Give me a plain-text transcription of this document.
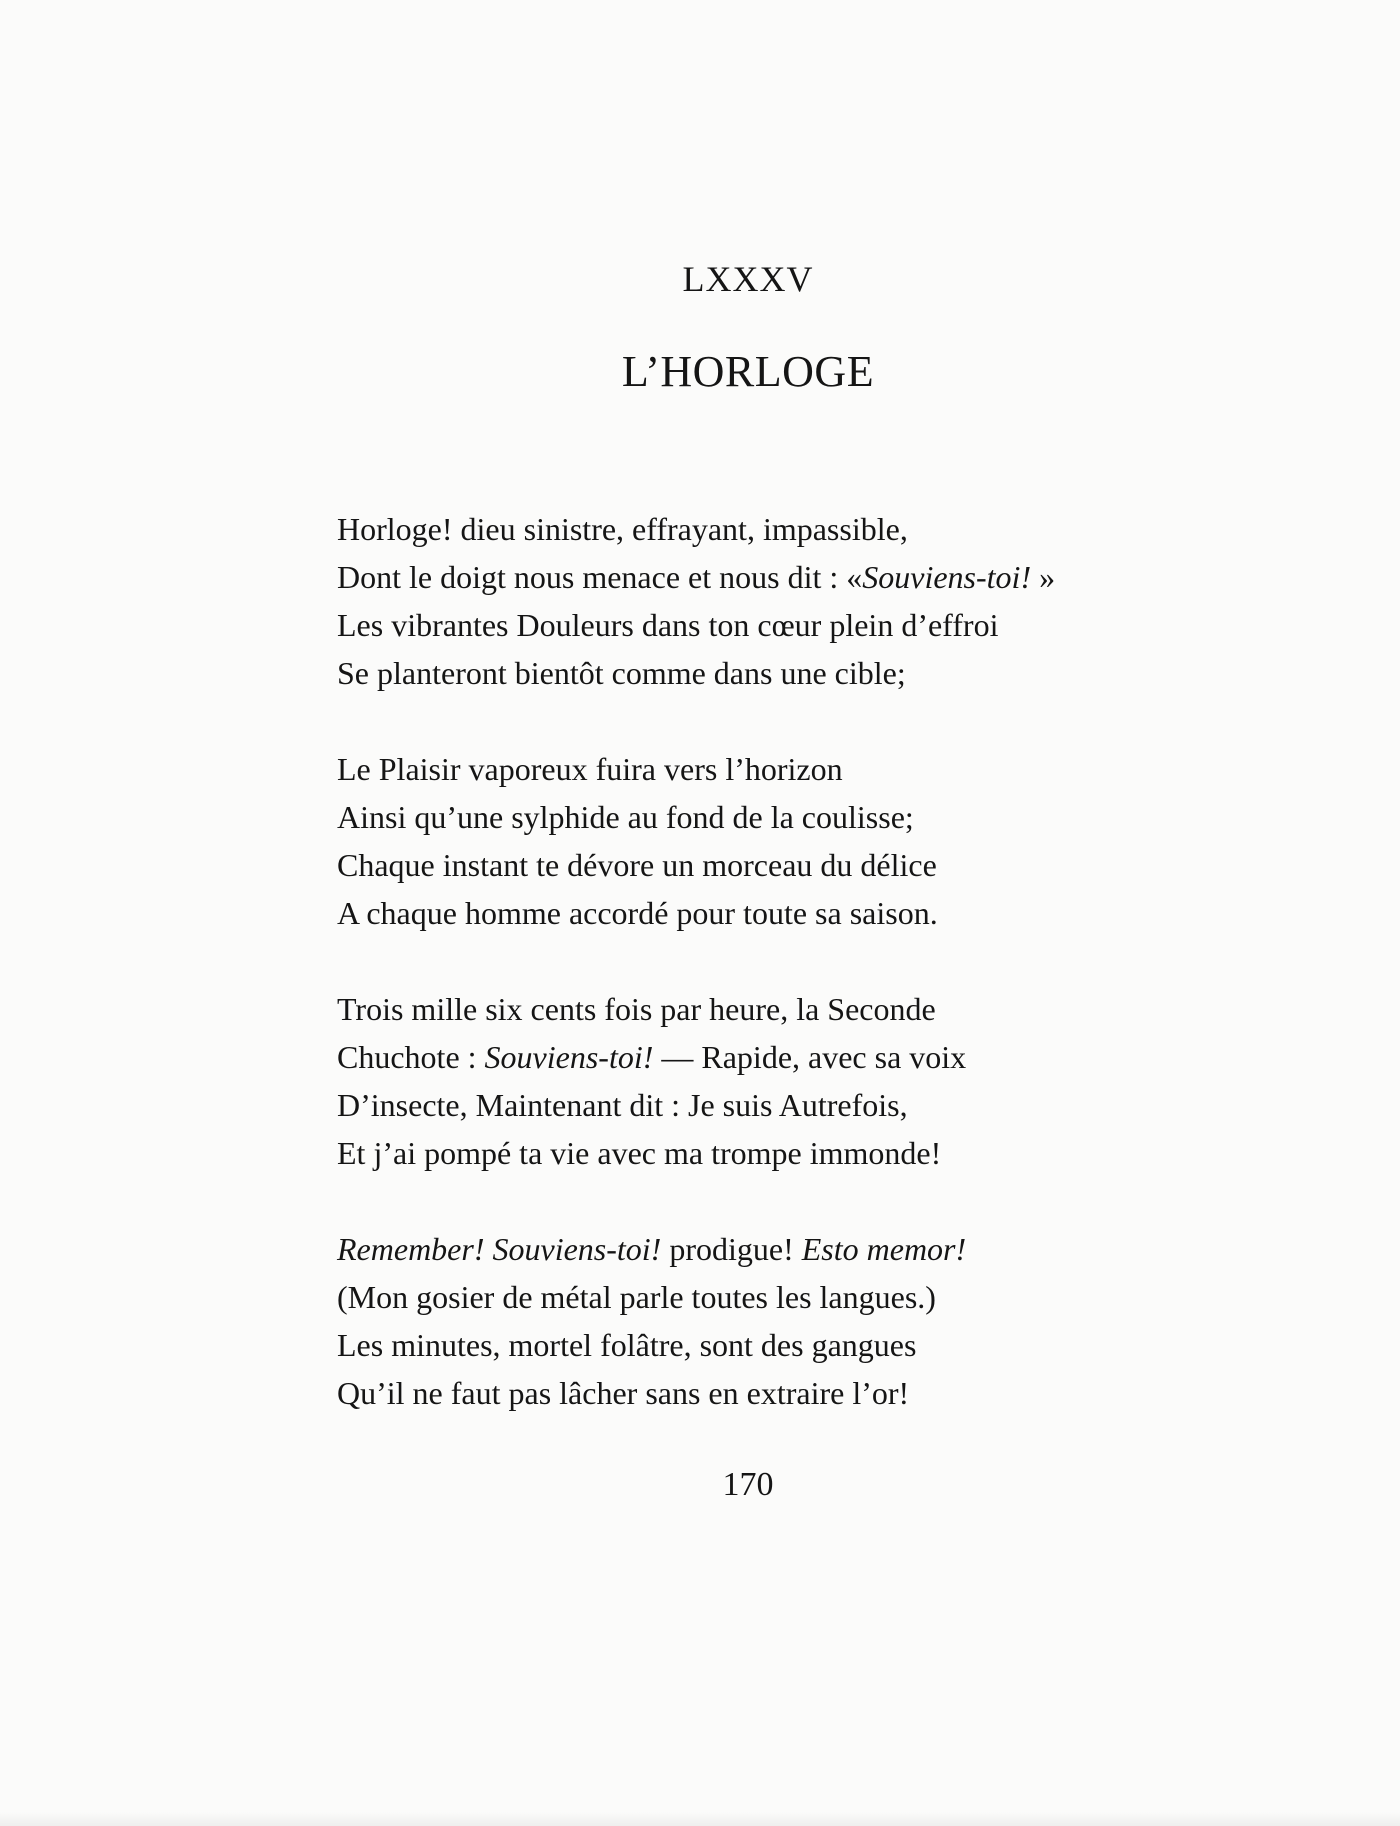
LXXXV
L’HORLOGE
Horloge! dieu sinistre, effrayant, impassible,
Dont le doigt nous menace et nous dit : «Souviens-toi! »
Les vibrantes Douleurs dans ton cœur plein d’effroi
Se planteront bientôt comme dans une cible;
Le Plaisir vaporeux fuira vers l’horizon
Ainsi qu’une sylphide au fond de la coulisse;
Chaque instant te dévore un morceau du délice
A chaque homme accordé pour toute sa saison.
Trois mille six cents fois par heure, la Seconde
Chuchote : Souviens-toi! — Rapide, avec sa voix
D’insecte, Maintenant dit : Je suis Autrefois,
Et j’ai pompé ta vie avec ma trompe immonde!
Remember! Souviens-toi! prodigue! Esto memor!
(Mon gosier de métal parle toutes les langues.)
Les minutes, mortel folâtre, sont des gangues
Qu’il ne faut pas lâcher sans en extraire l’or!
170
